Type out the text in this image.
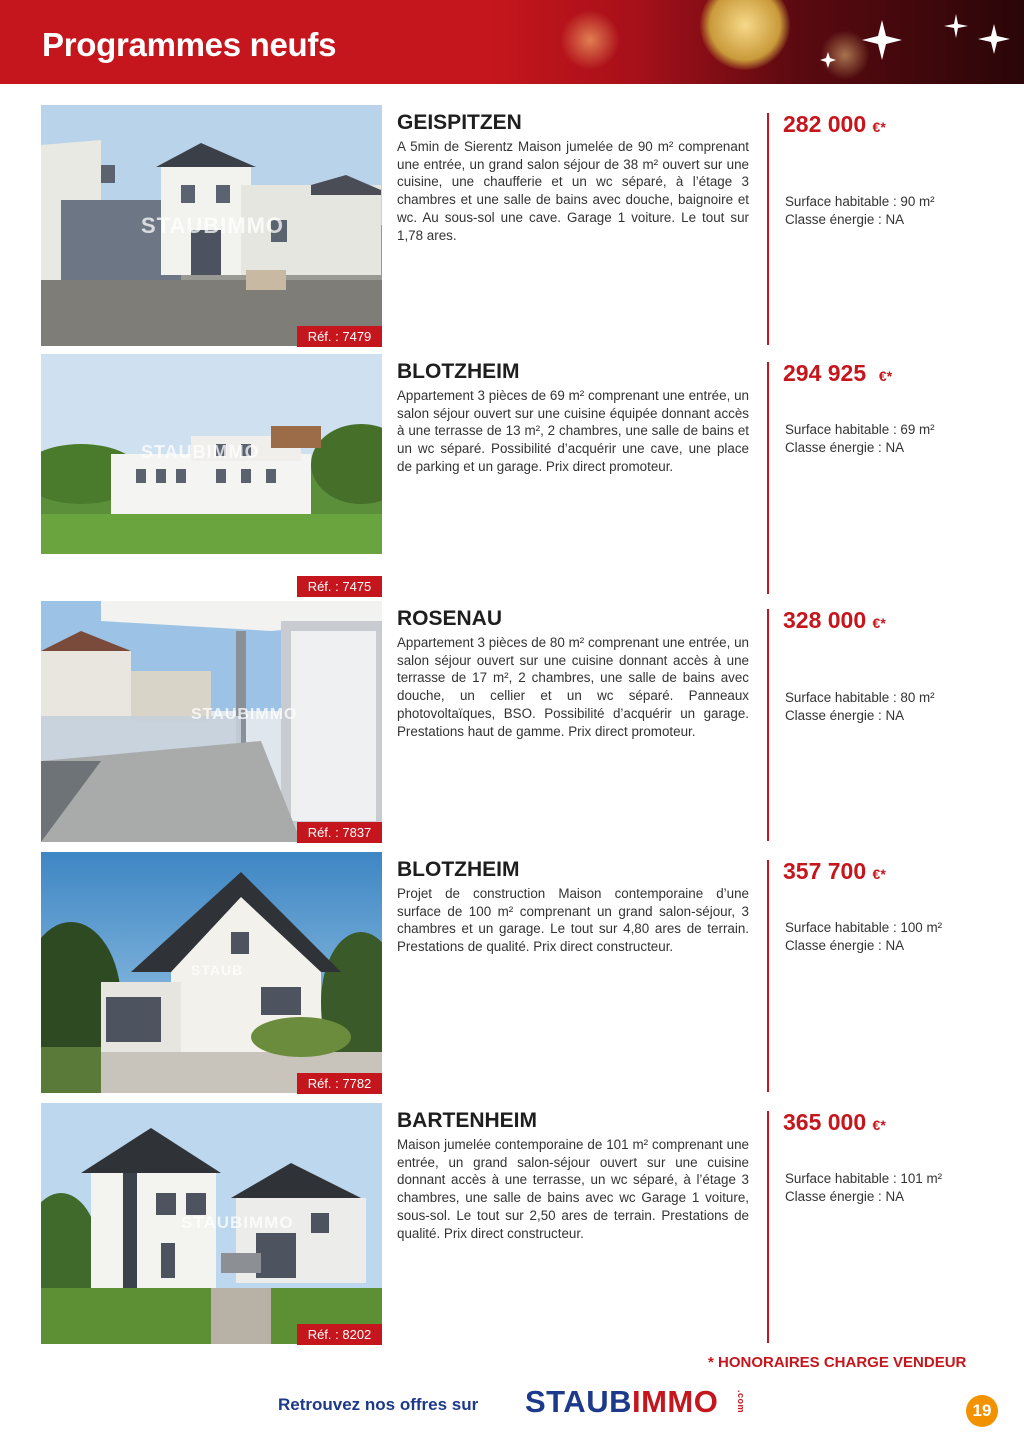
Programmes neufs
STAUBIMMO
Réf. : 7479
GEISPITZEN
A 5min de Sierentz Maison jumelée de 90 m² comprenant une entrée, un grand salon séjour de 38 m² ouvert sur une cuisine, une chaufferie et un wc séparé, à l’étage 3 chambres et une salle de bains avec douche, baignoire et wc. Au sous-sol une cave. Garage 1 voiture. Le tout sur 1,78 ares.
282 000 €*
Surface habitable : 90 m²
Classe énergie : NA
STAUBIMMO
Réf. : 7475
BLOTZHEIM
Appartement 3 pièces de 69 m² comprenant une entrée, un salon séjour ouvert sur une cuisine équipée donnant accès à une terrasse de 13 m², 2 chambres, une salle de bains et un wc séparé. Possibilité d’acquérir une cave, une place de parking et un garage. Prix direct promoteur.
294 925 €*
Surface habitable : 69 m²
Classe énergie : NA
STAUBIMMO
Réf. : 7837
ROSENAU
Appartement 3 pièces de 80 m² comprenant une entrée, un salon séjour ouvert sur une cuisine donnant accès à une terrasse de 17 m², 2 chambres, une salle de bains avec douche, un cellier et un wc séparé. Panneaux photovoltaïques, BSO. Possibilité d’acquérir un garage. Prestations haut de gamme. Prix direct promoteur.
328 000 €*
Surface habitable : 80 m²
Classe énergie : NA
STAUB
Réf. : 7782
BLOTZHEIM
Projet de construction Maison contemporaine d’une surface de 100 m² comprenant un grand salon-séjour, 3 chambres et un garage. Le tout sur 4,80 ares de terrain. Prestations de qualité. Prix direct constructeur.
357 700 €*
Surface habitable : 100 m²
Classe énergie : NA
STAUBIMMO
Réf. : 8202
BARTENHEIM
Maison jumelée contemporaine de 101 m² comprenant une entrée, un grand salon-séjour ouvert sur une cuisine donnant accès à une terrasse, un wc séparé, à l’étage 3 chambres, une salle de bains avec wc Garage 1 voiture, sous-sol. Le tout sur 2,50 ares de terrain. Prestations de qualité. Prix direct constructeur.
365 000 €*
Surface habitable : 101 m²
Classe énergie : NA
* HONORAIRES CHARGE VENDEUR
Retrouvez nos offres sur STAUBIMMO .com	19
